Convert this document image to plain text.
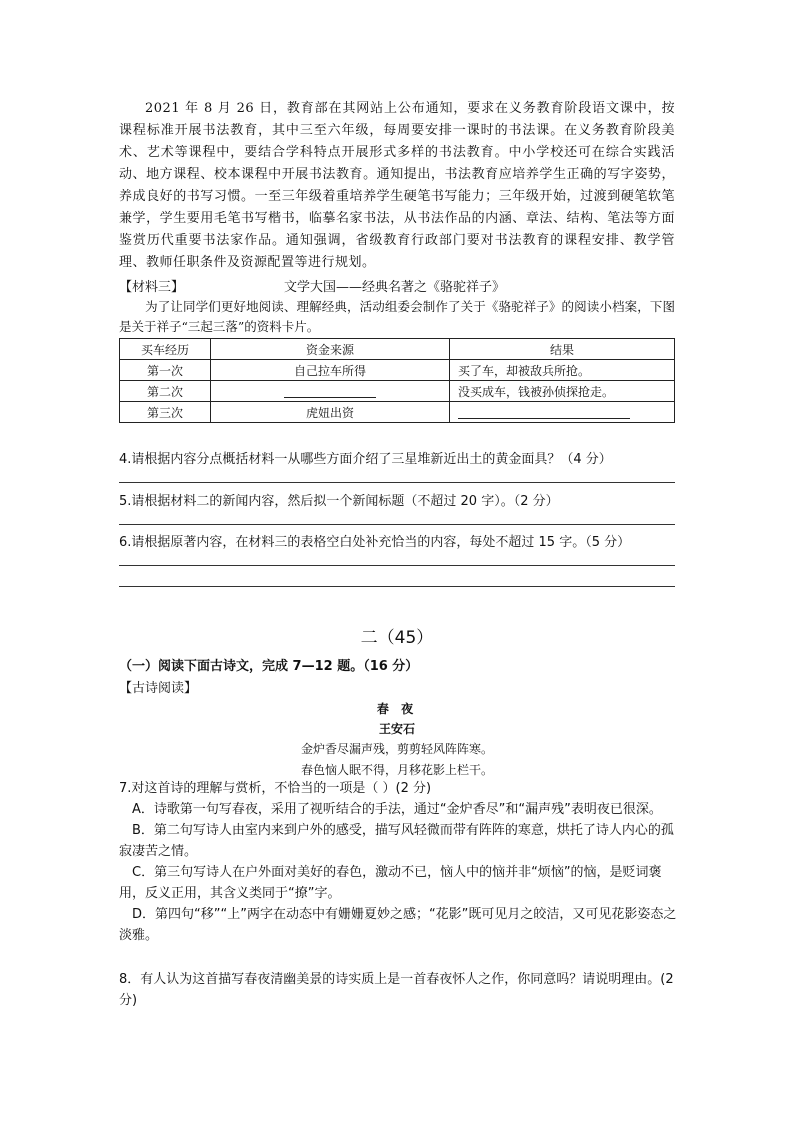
2021 年 8 月 26 日，教育部在其网站上公布通知，要求在义务教育阶段语文课中，按课程标准开展书法教育，其中三至六年级，每周要安排一课时的书法课。在义务教育阶段美术、艺术等课程中，要结合学科特点开展形式多样的书法教育。中小学校还可在综合实践活动、地方课程、校本课程中开展书法教育。通知提出，书法教育应培养学生正确的写字姿势，养成良好的书写习惯。一至三年级着重培养学生硬笔书写能力；三年级开始，过渡到硬笔软笔兼学，学生要用毛笔书写楷书，临摹名家书法，从书法作品的内涵、章法、结构、笔法等方面鉴赏历代重要书法家作品。通知强调，省级教育行政部门要对书法教育的课程安排、教学管理、教师任职条件及资源配置等进行规划。
【材料三】	文学大国——经典名著之《骆驼祥子》
为了让同学们更好地阅读、理解经典，活动组委会制作了关于《骆驼祥子》的阅读小档案，下图是关于祥子“三起三落”的资料卡片。
买车经历	资金来源	结果
第一次	自己拉车所得	买了车，却被敌兵所抢。
第二次		没买成车，钱被孙侦探抢走。
第三次	虎妞出资	
4.请根据内容分点概括材料一从哪些方面介绍了三星堆新近出土的黄金面具？（4 分）
5.请根据材料二的新闻内容，然后拟一个新闻标题（不超过 20 字）。（2 分）
6.请根据原著内容，在材料三的表格空白处补充恰当的内容，每处不超过 15 字。（5 分）
二（45）
（一）阅读下面古诗文，完成 7—12 题。（16 分）
【古诗阅读】
春 夜
王安石
金炉香尽漏声残，剪剪轻风阵阵寒。
春色恼人眠不得，月移花影上栏干。
7.对这首诗的理解与赏析，不恰当的一项是（ ）(2 分)
A．诗歌第一句写春夜，采用了视听结合的手法，通过“金炉香尽”和“漏声残”表明夜已很深。
B．第二句写诗人由室内来到户外的感受，描写风轻微而带有阵阵的寒意，烘托了诗人内心的孤寂凄苦之情。
C．第三句写诗人在户外面对美好的春色，激动不已，恼人中的恼并非“烦恼”的恼，是贬词褒用，反义正用，其含义类同于“撩”字。
D．第四句“移”“上”两字在动态中有姗姗夏妙之感；“花影”既可见月之皎洁，又可见花影姿态之淡雅。
8．有人认为这首描写春夜清幽美景的诗实质上是一首春夜怀人之作，你同意吗？请说明理由。(2 分)
